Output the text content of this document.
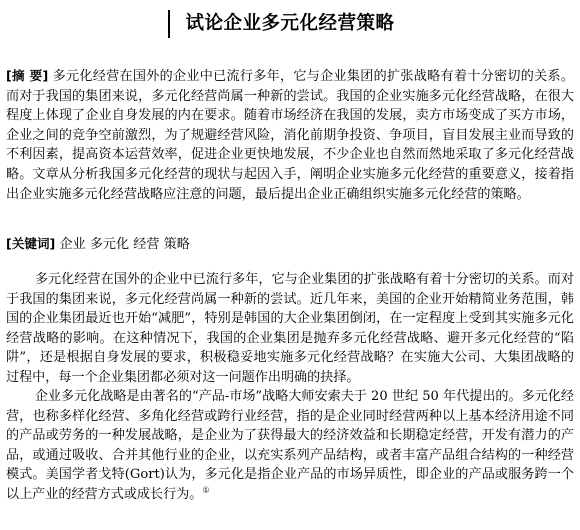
试论企业多元化经营策略
[摘 要] 多元化经营在国外的企业中已流行多年，它与企业集团的扩张战略有着十分密切的关系。而对于我国的集团来说，多元化经营尚属一种新的尝试。我国的企业实施多元化经营战略，在很大程度上体现了企业自身发展的内在要求。随着市场经济在我国的发展，卖方市场变成了买方市场，企业之间的竞争空前激烈，为了规避经营风险，消化前期争投资、争项目，盲目发展主业而导致的不利因素，提高资本运营效率，促进企业更快地发展，不少企业也自然而然地采取了多元化经营战略。文章从分析我国多元化经营的现状与起因入手，阐明企业实施多元化经营的重要意义，接着指出企业实施多元化经营战略应注意的问题，最后提出企业正确组织实施多元化经营的策略。
[关键词] 企业 多元化 经营 策略
多元化经营在国外的企业中已流行多年，它与企业集团的扩张战略有着十分密切的关系。而对于我国的集团来说，多元化经营尚属一种新的尝试。近几年来，美国的企业开始精简业务范围，韩国的企业集团最近也开始“减肥”，特别是韩国的大企业集团倒闭，在一定程度上受到其实施多元化经营战略的影响。在这种情况下，我国的企业集团是抛弃多元化经营战略、避开多元化经营的“陷阱”，还是根据自身发展的要求，积极稳妥地实施多元化经营战略？在实施大公司、大集团战略的过程中，每一个企业集团都必须对这一问题作出明确的抉择。
企业多元化战略是由著名的“产品-市场”战略大师安索夫于 20 世纪 50 年代提出的。多元化经营，也称多样化经营、多角化经营或跨行业经营，指的是企业同时经营两种以上基本经济用途不同的产品或劳务的一种发展战略，是企业为了获得最大的经济效益和长期稳定经营，开发有潜力的产品，或通过吸收、合并其他行业的企业，以充实系列产品结构，或者丰富产品组合结构的一种经营模式。美国学者戈特(Gort)认为，多元化是指企业产品的市场异质性，即企业的产品或服务跨一个以上产业的经营方式或成长行为。①
